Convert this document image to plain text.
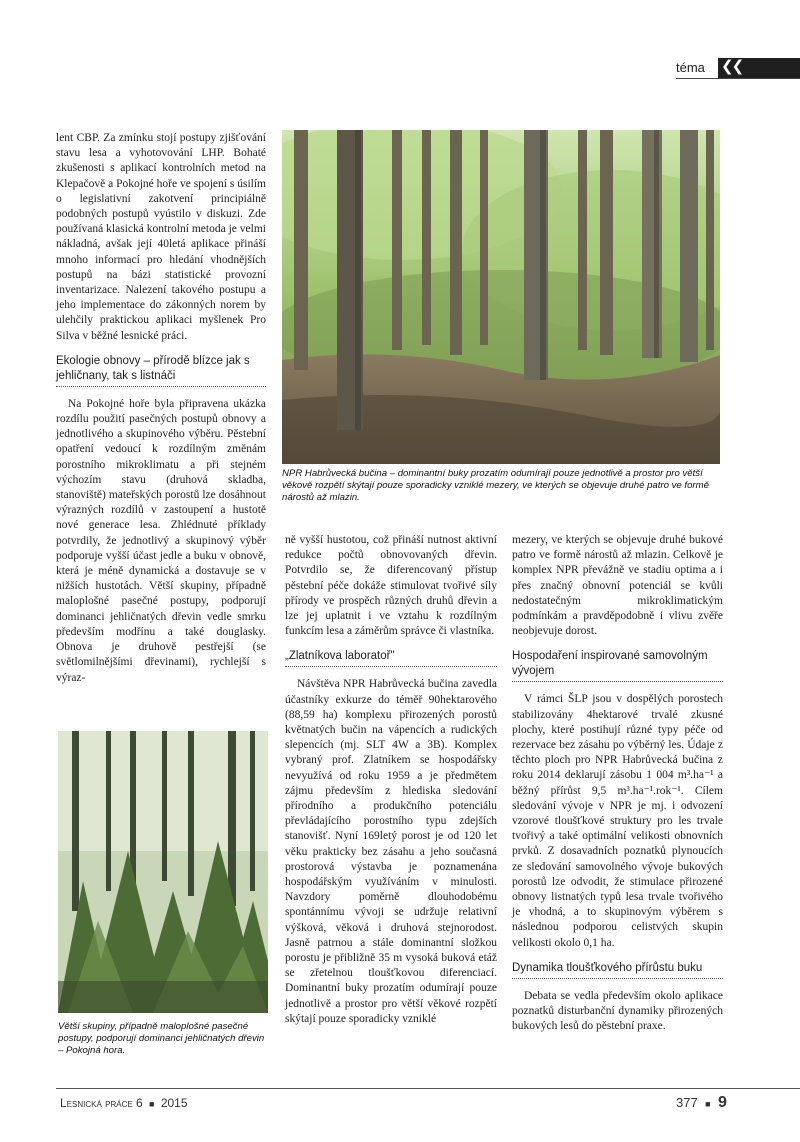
téma ❮❮

lent CBP. Za zmínku stojí postupy zjišťování stavu lesa a vyhotovování LHP. Bohaté zkušenosti s aplikací kontrolních metod na Klepačově a Pokojné hoře ve spojení s úsilím o legislativní zakotvení principiálně podobných postupů vyústilo v diskuzi. Zde používaná klasická kontrolní metoda je velmi nákladná, avšak její 40letá aplikace přináší mnoho informací pro hledání vhodnějších postupů na bázi statistické provozní inventarizace. Nalezení takového postupu a jeho implementace do zákonných norem by ulehčily praktickou aplikaci myšlenek Pro Silva v běžné lesnické práci.

Ekologie obnovy – přírodě blízce jak s jehličnany, tak s listnáči

Na Pokojné hoře byla připravena ukázka rozdílu použití pasečných postupů obnovy a jednotlivého a skupinového výběru. Pěstební opatření vedoucí k rozdílným změnám porostního mikroklimatu a při stejném výchozím stavu (druhová skladba, stanoviště) mateřských porostů lze dosáhnout výrazných rozdílů v zastoupení a hustotě nové generace lesa. Zhlédnuté příklady potvrdily, že jednotlivý a skupinový výběr podporuje vyšší účast jedle a buku v obnově, která je méně dynamická a dostavuje se v nižších hustotách. Větší skupiny, případně maloplošné pasečné postupy, podporují dominanci jehličnatých dřevin vedle smrku především modřínu a také douglasky. Obnova je druhově pestřejší (se světlomilnějšími dřevinami), rychlejší s výraz-

NPR Habrůvecká bučina – dominantní buky prozatím odumírají pouze jednotlivě a prostor pro větší věkově rozpětí skýtají pouze sporadicky vzniklé mezery, ve kterých se objevuje druhé patro ve formě nárostů až mlazin.
Větší skupiny, případně maloplošné pasečné postupy, podporují dominanci jehličnatých dřevin – Pokojná hora.

ně vyšší hustotou, což přináší nutnost aktivní redukce počtů obnovovaných dřevin. Potvrdilo se, že diferencovaný přístup pěstební péče dokáže stimulovat tvořivé síly přírody ve prospěch různých druhů dřevin a lze jej uplatnit i ve vztahu k rozdílným funkcím lesa a záměrům správce či vlastníka.

„Zlatníkova laboratoř"

Návštěva NPR Habrůvecká bučina zavedla účastníky exkurze do téměř 90hektarového (88,59 ha) komplexu přirozených porostů květnatých bučin na vápencích a rudických slepencích (mj. SLT 4W a 3B). Komplex vybraný prof. Zlatníkem se hospodářsky nevyužívá od roku 1959 a je předmětem zájmu především z hlediska sledování přírodního a produkčního potenciálu převládajícího porostního typu zdejších stanovišť. Nyní 169letý porost je od 120 let věku prakticky bez zásahu a jeho současná prostorová výstavba je poznamenána hospodářským využíváním v minulosti. Navzdory poměrně dlouhodobému spontánnímu vývoji se udržuje relativní výšková, věková i druhová stejnorodost. Jasně patrnou a stále dominantní složkou porostu je přibližně 35 m vysoká buková etáž se zřetelnou tloušťkovou diferenciací. Dominantní buky prozatím odumírají pouze jednotlivě a prostor pro větší věkové rozpětí skýtají pouze sporadicky vzniklé

mezery, ve kterých se objevuje druhé bukové patro ve formě nárostů až mlazin. Celkově je komplex NPR převážně ve stadiu optima a i přes značný obnovní potenciál se kvůli nedostatečným mikroklimatickým podmínkám a pravděpodobně i vlivu zvěře neobjevuje dorost.

Hospodaření inspirované samovolným vývojem

V rámci ŠLP jsou v dospělých porostech stabilizovány 4hektarové trvalé zkusné plochy, které postihují různé typy péče od rezervace bez zásahu po výběrný les. Údaje z těchto ploch pro NPR Habrůvecká bučina z roku 2014 deklarují zásobu 1 004 m³.ha⁻¹ a běžný přírůst 9,5 m³.ha⁻¹.rok⁻¹. Cílem sledování vývoje v NPR je mj. i odvození vzorové tloušťkové struktury pro les trvale tvořivý a také optimální velikosti obnovních prvků. Z dosavadních poznatků plynoucích ze sledování samovolného vývoje bukových porostů lze odvodit, že stimulace přirozené obnovy listnatých typů lesa trvale tvořivého je vhodná, a to skupinovým výběrem s následnou podporou celistvých skupin velikosti okolo 0,1 ha.

Dynamika tloušťkového přírůstu buku

Debata se vedla především okolo aplikace poznatků disturbanční dynamiky přirozených bukových lesů do pěstební praxe.

Lesnická práce 6 ■ 2015	377 ■ 9
